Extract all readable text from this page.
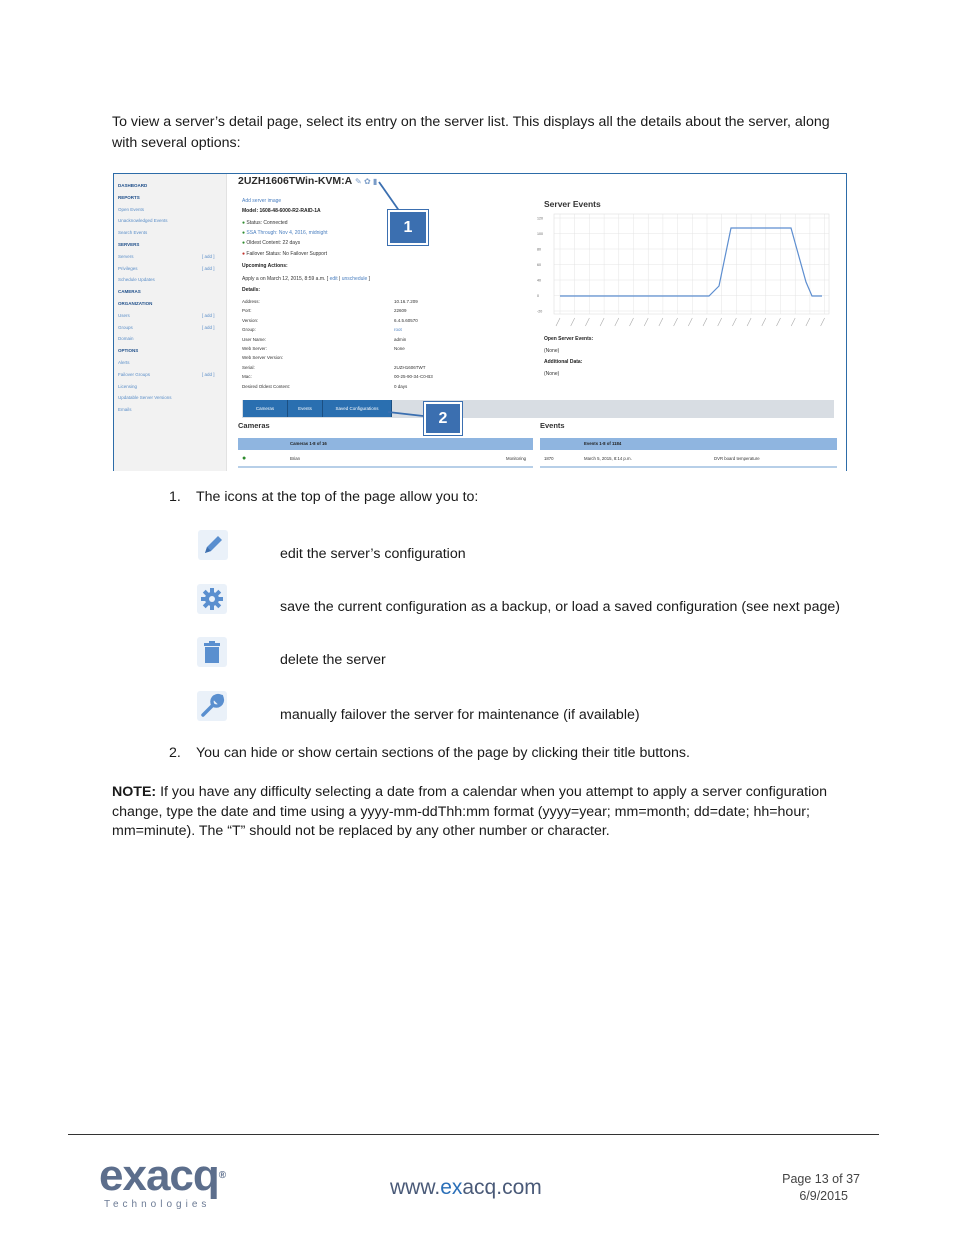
To view a server’s detail page, select its entry on the server list. This displays all the details about the server, along
with several options:
DASHBOARD
REPORTS
Open Events
Unacknowledged Events
Search Events
SERVERS
Servers	[ add ]
Privileges	[ add ]
Schedule Updates
CAMERAS
ORGANIZATION
Users	[ add ]
Groups	[ add ]
Domain
OPTIONS
Alerts
Failover Groups	[ add ]
Licensing
Updatable Server Versions
Emails
2UZH1606TWin-KVM:A ✎ ✿ ▮
Add server image
Model: 1608-48-6000-R2-RAID-1A
● Status: Connected
● SSA Through: Nov 4, 2016, midnight
● Oldest Content: 22 days
● Failover Status: No Failover Support
Upcoming Actions:
Apply a on March 12, 2015, 8:59 a.m. [ edit | unschedule ]
Details:
Address:	10.16.7.209
Port:	22609
Version:	6.4.5.60570
Group:	root
User Name:	admin
Web Server:	None
Web Server Version:
Serial:	2UZH1606TWT
Mac:	00-25-90-34-C0-B3
Desired Oldest Content:	0 days
Server Events
120
100
80
60
40
0
-20
Open Server Events:
(None)
Additional Data:
(None)
Cameras	Events	Saved Configurations
Cameras	Events
Cameras 1-8 of 16	Events 1-8 of 1184
●	Brian	Monitoring	1870	March 5, 2015, 8:14 p.m.	DVR board temperature
1
2
1. The icons at the top of the page allow you to:
edit the server’s configuration
save the current configuration as a backup, or load a saved configuration (see next page)
delete the server
manually failover the server for maintenance (if available)
2. You can hide or show certain sections of the page by clicking their title buttons.
NOTE: If you have any difficulty selecting a date from a calendar when you attempt to apply a server configuration
change, type the date and time using a yyyy-mm-ddThh:mm format (yyyy=year; mm=month; dd=date; hh=hour;
mm=minute). The “T” should not be replaced by any other number or character.
exacq®
Technologies
www.exacq.com	Page 13 of 37
6/9/2015
